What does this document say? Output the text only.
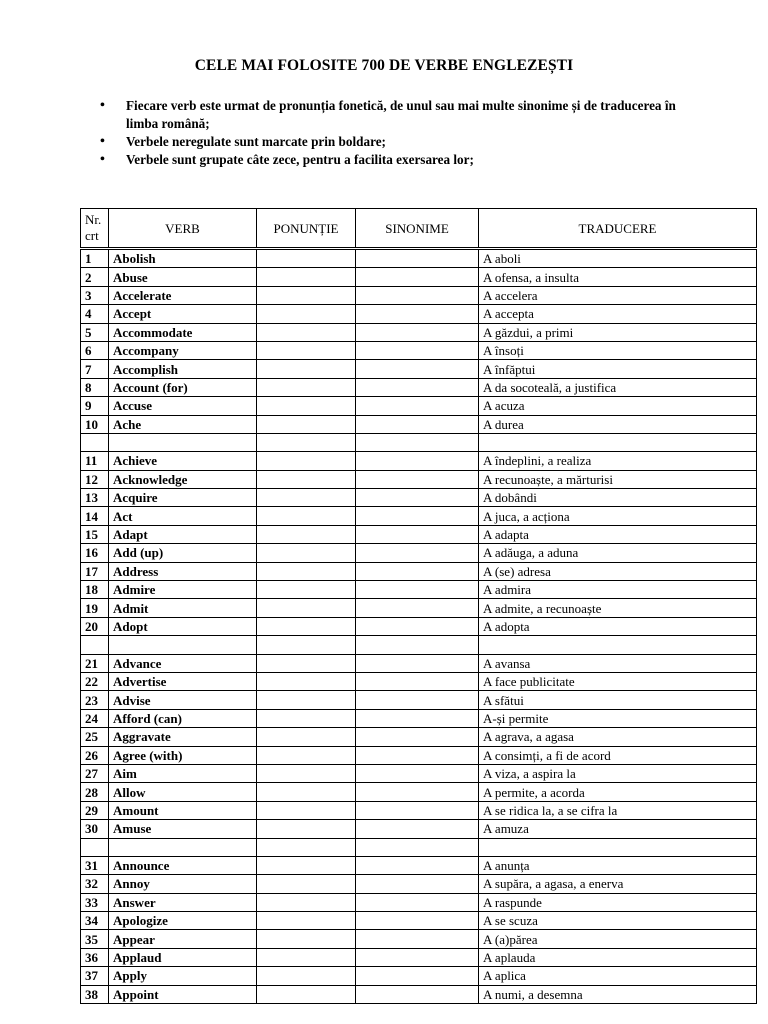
CELE MAI FOLOSITE 700 DE VERBE ENGLEZEȘTI
• Fiecare verb este urmat de pronunția fonetică, de unul sau mai multe sinonime și de traducerea în limba română;
• Verbele neregulate sunt marcate prin boldare;
• Verbele sunt grupate câte zece, pentru a facilita exersarea lor;
Nr.
crt	VERB	PONUNȚIE	SINONIME	TRADUCERE
1	Abolish			A aboli
2	Abuse			A ofensa, a insulta
3	Accelerate			A accelera
4	Accept			A accepta
5	Accommodate			A găzdui, a primi
6	Accompany			A însoți
7	Accomplish			A înfăptui
8	Account (for)			A da socoteală, a justifica
9	Accuse			A acuza
10	Ache			A durea

11	Achieve			A îndeplini, a realiza
12	Acknowledge			A recunoaște, a mărturisi
13	Acquire			A dobândi
14	Act			A juca, a acționa
15	Adapt			A adapta
16	Add (up)			A adăuga, a aduna
17	Address			A (se) adresa
18	Admire			A admira
19	Admit			A admite, a recunoaște
20	Adopt			A adopta

21	Advance			A avansa
22	Advertise			A face publicitate
23	Advise			A sfătui
24	Afford (can)			A-și permite
25	Aggravate			A agrava, a agasa
26	Agree (with)			A consimți, a fi de acord
27	Aim			A viza, a aspira la
28	Allow			A permite, a acorda
29	Amount			A se ridica la, a se cifra la
30	Amuse			A amuza

31	Announce			A anunța
32	Annoy			A supăra, a agasa, a enerva
33	Answer			A raspunde
34	Apologize			A se scuza
35	Appear			A (a)părea
36	Applaud			A aplauda
37	Apply			A aplica
38	Appoint			A numi, a desemna
